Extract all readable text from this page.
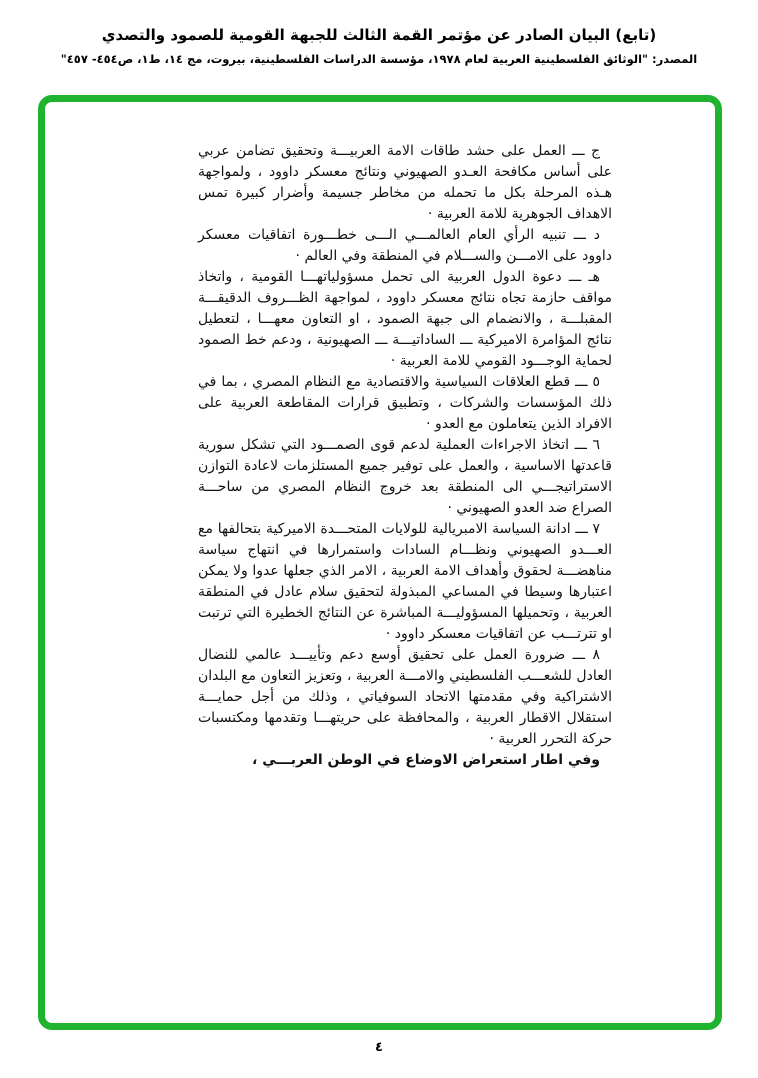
(تابع) البيان الصادر عن مؤتمر القمة الثالث للجبهة القومية للصمود والتصدي
المصدر: "الوثائق الفلسطينية العربية لعام ١٩٧٨، مؤسسة الدراسات الفلسطينية، بيروت، مج ١٤، ط١، ص٤٥٤- ٤٥٧"

ج ـــ العمل على حشد طاقات الامة العربيـــة وتحقيق تضامن عربي على أساس مكافحة العـدو الصهيوني ونتائج معسكر داوود ، ولمواجهة هـذه المرحلة بكل ما تحمله من مخاطر جسيمة وأضرار كبيرة تمس الاهداف الجوهرية للامة العربية ·

د ـــ تنبيه الرأي العام العالمـــي الـــى خطـــورة اتفاقيات معسكر داوود على الامـــن والســـلام في المنطقة وفي العالم ·

هـ ـــ دعوة الدول العربية الى تحمل مسؤولياتهـــا القومية ، واتخاذ مواقف حازمة تجاه نتائج معسكر داوود ، لمواجهة الظـــروف الدقيقـــة المقبلـــة ، والانضمام الى جبهة الصمود ، او التعاون معهـــا ، لتعطيل نتائج المؤامرة الاميركية ـــ الساداتيـــة ـــ الصهيونية ، ودعم خط الصمود لحماية الوجـــود القومي للامة العربية ·

٥ ـــ قطع العلاقات السياسية والاقتصادية مع النظام المصري ، بما في ذلك المؤسسات والشركات ، وتطبيق قرارات المقاطعة العربية على الافراد الذين يتعاملون مع العدو ·

٦ ـــ اتخاذ الاجراءات العملية لدعم قوى الصمـــود التي تشكل سورية قاعدتها الاساسية ، والعمل على توفير جميع المستلزمات لاعادة التوازن الاستراتيجـــي الى المنطقة بعد خروج النظام المصري من ساحـــة الصراع ضد العدو الصهيوني ·

٧ ـــ ادانة السياسة الامبريالية للولايات المتحـــدة الاميركية بتحالفها مع العـــدو الصهيوني ونظـــام السادات واستمرارها في انتهاج سياسة مناهضـــة لحقوق وأهداف الامة العربية ، الامر الذي جعلها عدوا ولا يمكن اعتبارها وسيطا في المساعي المبذولة لتحقيق سلام عادل في المنطقة العربية ، وتحميلها المسؤوليـــة المباشرة عن النتائج الخطيرة التي ترتبت او تترتـــب عن اتفاقيات معسكر داوود ·

٨ ـــ ضرورة العمل على تحقيق أوسع دعم وتأييـــد عالمي للنضال العادل للشعـــب الفلسطيني والامـــة العربية ، وتعزيز التعاون مع البلدان الاشتراكية وفي مقدمتها الاتحاد السوفياتي ، وذلك من أجل حمايـــة استقلال الاقطار العربية ، والمحافظة على حريتهـــا وتقدمها ومكتسبات حركة التحرر العربية ·

وفي اطار استعراض الاوضاع في الوطن العربـــي ،

٤
